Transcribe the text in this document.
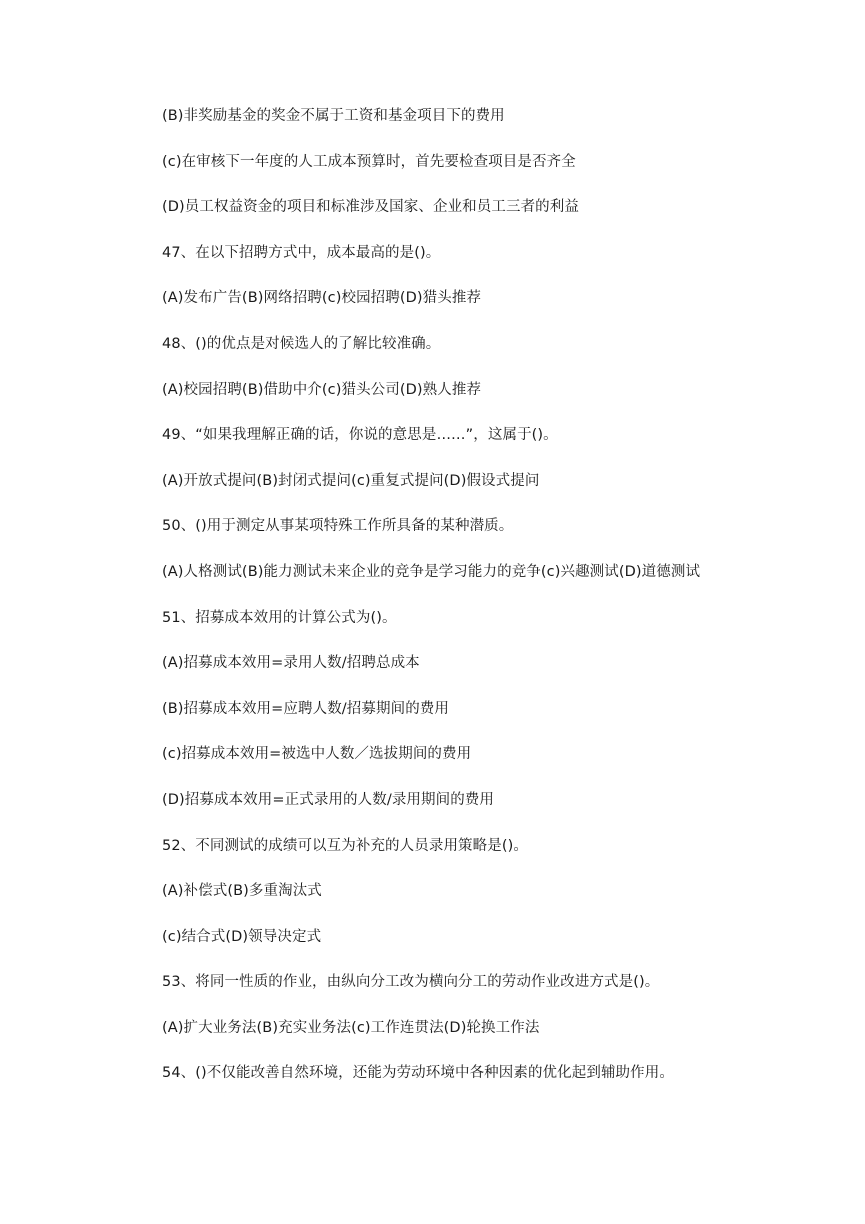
(B)非奖励基金的奖金不属于工资和基金项目下的费用
(c)在审核下一年度的人工成本预算时，首先要检查项目是否齐全
(D)员工权益资金的项目和标准涉及国家、企业和员工三者的利益
47、在以下招聘方式中，成本最高的是()。
(A)发布广告(B)网络招聘(c)校园招聘(D)猎头推荐
48、()的优点是对候选人的了解比较准确。
(A)校园招聘(B)借助中介(c)猎头公司(D)熟人推荐
49、“如果我理解正确的话，你说的意思是……”，这属于()。
(A)开放式提问(B)封闭式提问(c)重复式提问(D)假设式提问
50、()用于测定从事某项特殊工作所具备的某种潜质。
(A)人格测试(B)能力测试未来企业的竞争是学习能力的竞争(c)兴趣测试(D)道德测试
51、招募成本效用的计算公式为()。
(A)招募成本效用=录用人数/招聘总成本
(B)招募成本效用=应聘人数/招募期间的费用
(c)招募成本效用=被选中人数／选拔期间的费用
(D)招募成本效用=正式录用的人数/录用期间的费用
52、不同测试的成绩可以互为补充的人员录用策略是()。
(A)补偿式(B)多重淘汰式
(c)结合式(D)领导决定式
53、将同一性质的作业，由纵向分工改为横向分工的劳动作业改进方式是()。
(A)扩大业务法(B)充实业务法(c)工作连贯法(D)轮换工作法
54、()不仅能改善自然环境，还能为劳动环境中各种因素的优化起到辅助作用。
